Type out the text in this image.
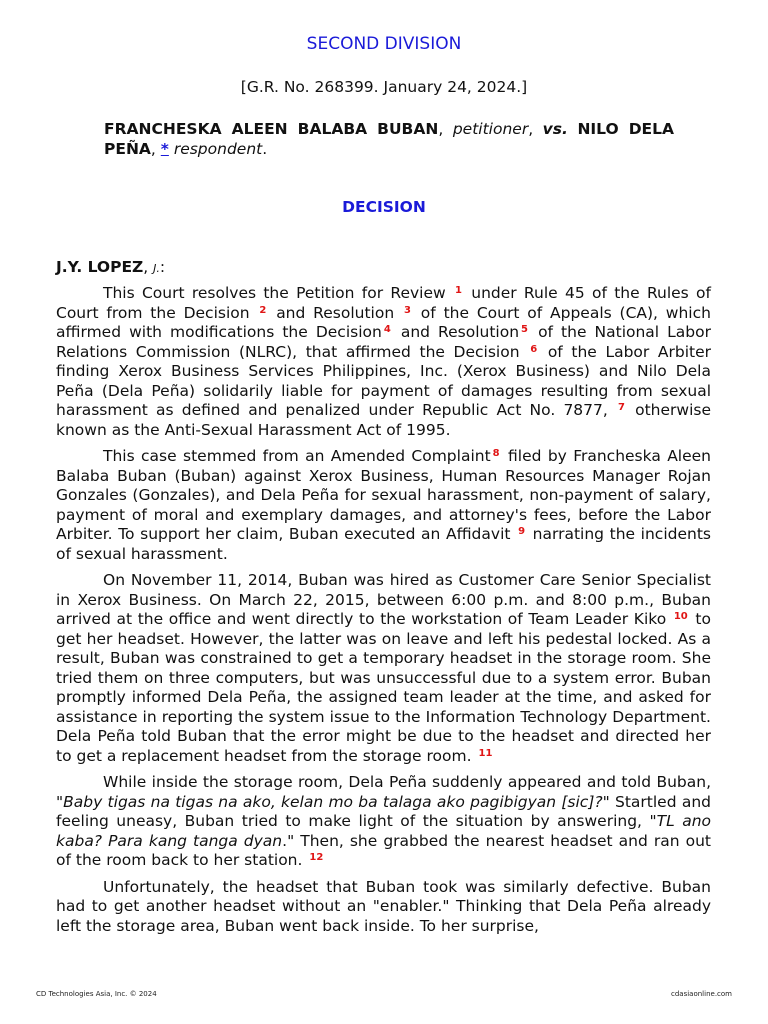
SECOND DIVISION
[G.R. No. 268399. January 24, 2024.]
FRANCHESKA ALEEN BALABA BUBAN, petitioner, vs. NILO DELA PEÑA, * respondent.
DECISION
J.Y. LOPEZ, J.:

This Court resolves the Petition for Review $^1$ under Rule 45 of the Rules of Court from the Decision $^2$ and Resolution $^3$ of the Court of Appeals (CA), which affirmed with modifications the Decision $^4$ and Resolution $^5$ of the National Labor Relations Commission (NLRC), that affirmed the Decision $^6$ of the Labor Arbiter finding Xerox Business Services Philippines, Inc. (Xerox Business) and Nilo Dela Peña (Dela Peña) solidarily liable for payment of damages resulting from sexual harassment as defined and penalized under Republic Act No. 7877, $^7$ otherwise known as the Anti-Sexual Harassment Act of 1995.

This case stemmed from an Amended Complaint $^8$ filed by Francheska Aleen Balaba Buban (Buban) against Xerox Business, Human Resources Manager Rojan Gonzales (Gonzales), and Dela Peña for sexual harassment, non-payment of salary, payment of moral and exemplary damages, and attorney's fees, before the Labor Arbiter. To support her claim, Buban executed an Affidavit $^9$ narrating the incidents of sexual harassment.

On November 11, 2014, Buban was hired as Customer Care Senior Specialist in Xerox Business. On March 22, 2015, between 6:00 p.m. and 8:00 p.m., Buban arrived at the office and went directly to the workstation of Team Leader Kiko $^{10}$ to get her headset. However, the latter was on leave and left his pedestal locked. As a result, Buban was constrained to get a temporary headset in the storage room. She tried them on three computers, but was unsuccessful due to a system error. Buban promptly informed Dela Peña, the assigned team leader at the time, and asked for assistance in reporting the system issue to the Information Technology Department. Dela Peña told Buban that the error might be due to the headset and directed her to get a replacement headset from the storage room. $^{11}$

While inside the storage room, Dela Peña suddenly appeared and told Buban, "Baby tigas na tigas na ako, kelan mo ba talaga ako pagibigyan [sic]?" Startled and feeling uneasy, Buban tried to make light of the situation by answering, "TL ano kaba? Para kang tanga dyan." Then, she grabbed the nearest headset and ran out of the room back to her station. $^{12}$

Unfortunately, the headset that Buban took was similarly defective. Buban had to get another headset without an "enabler." Thinking that Dela Peña already left the storage area, Buban went back inside. To her surprise,

CD Technologies Asia, Inc. © 2024	cdasiaonline.com
